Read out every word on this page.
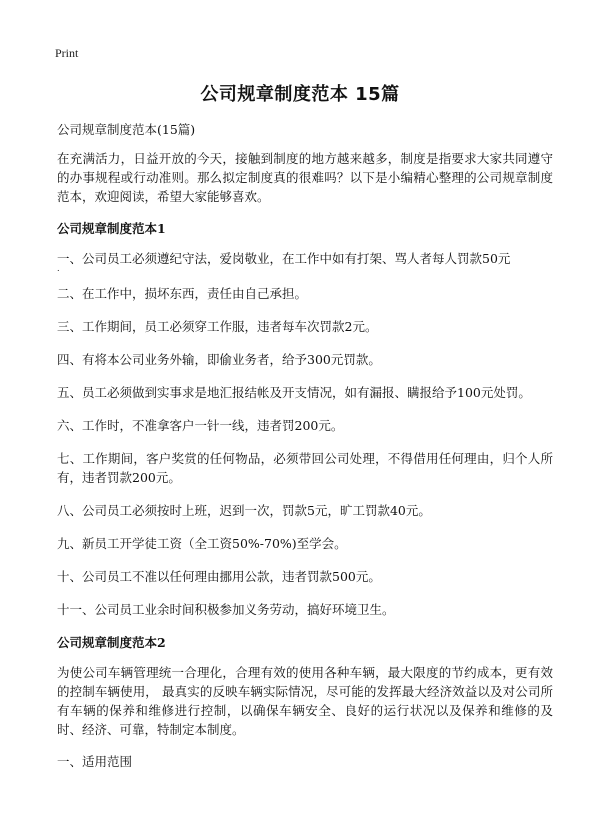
Print
公司规章制度范本 15篇

公司规章制度范本(15篇)

在充满活力，日益开放的今天，接触到制度的地方越来越多，制度是指要求大家共同遵守的办事规程或行动准则。那么拟定制度真的很难吗？以下是小编精心整理的公司规章制度范本，欢迎阅读，希望大家能够喜欢。

公司规章制度范本1

一、公司员工必须遵纪守法，爱岗敬业，在工作中如有打架、骂人者每人罚款50元
.

二、在工作中，损坏东西，责任由自己承担。

三、工作期间，员工必须穿工作服，违者每车次罚款2元。

四、有将本公司业务外输，即偷业务者，给予300元罚款。

五、员工必须做到实事求是地汇报结帐及开支情况，如有漏报、瞒报给予100元处罚。

六、工作时，不准拿客户一针一线，违者罚200元。

七、工作期间，客户奖赏的任何物品，必须带回公司处理，不得借用任何理由，归个人所有，违者罚款200元。

八、公司员工必须按时上班，迟到一次，罚款5元，旷工罚款40元。

九、新员工开学徒工资（全工资50%-70%)至学会。

十、公司员工不准以任何理由挪用公款，违者罚款500元。

十一、公司员工业余时间积极参加义务劳动，搞好环境卫生。

公司规章制度范本2

为使公司车辆管理统一合理化，合理有效的使用各种车辆，最大限度的节约成本，更有效的控制车辆使用， 最真实的反映车辆实际情况，尽可能的发挥最大经济效益以及对公司所有车辆的保养和维修进行控制，以确保车辆安全、良好的运行状况以及保养和维修的及时、经济、可靠，特制定本制度。

一、适用范围
